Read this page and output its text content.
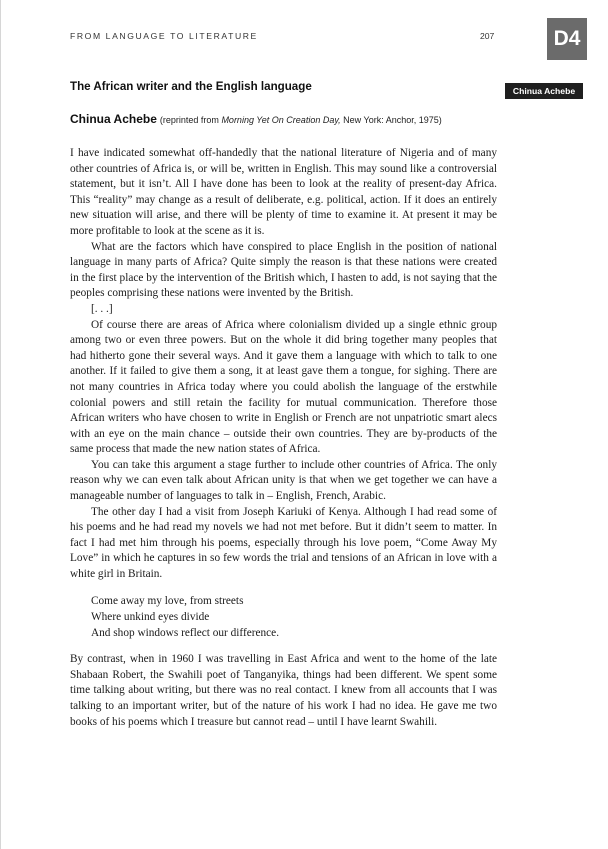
FROM LANGUAGE TO LITERATURE	207	D4
Chinua Achebe
The African writer and the English language
Chinua Achebe (reprinted from Morning Yet On Creation Day, New York: Anchor, 1975)

I have indicated somewhat off-handedly that the national literature of Nigeria and of many other countries of Africa is, or will be, written in English. This may sound like a controversial statement, but it isn’t. All I have done has been to look at the reality of present-day Africa. This “reality” may change as a result of deliberate, e.g. political, action. If it does an entirely new situation will arise, and there will be plenty of time to examine it. At present it may be more profitable to look at the scene as it is.

What are the factors which have conspired to place English in the position of national language in many parts of Africa? Quite simply the reason is that these nations were created in the first place by the intervention of the British which, I hasten to add, is not saying that the peoples comprising these nations were invented by the British.

[. . .]

Of course there are areas of Africa where colonialism divided up a single ethnic group among two or even three powers. But on the whole it did bring together many peoples that had hitherto gone their several ways. And it gave them a language with which to talk to one another. If it failed to give them a song, it at least gave them a tongue, for sighing. There are not many countries in Africa today where you could abolish the language of the erstwhile colonial powers and still retain the facility for mutual communication. Therefore those African writers who have chosen to write in English or French are not unpatriotic smart alecs with an eye on the main chance – outside their own countries. They are by-products of the same process that made the new nation states of Africa.

You can take this argument a stage further to include other countries of Africa. The only reason why we can even talk about African unity is that when we get together we can have a manageable number of languages to talk in – English, French, Arabic.

The other day I had a visit from Joseph Kariuki of Kenya. Although I had read some of his poems and he had read my novels we had not met before. But it didn’t seem to matter. In fact I had met him through his poems, especially through his love poem, “Come Away My Love” in which he captures in so few words the trial and tensions of an African in love with a white girl in Britain.

Come away my love, from streets
Where unkind eyes divide
And shop windows reflect our difference.

By contrast, when in 1960 I was travelling in East Africa and went to the home of the late Shabaan Robert, the Swahili poet of Tanganyika, things had been different. We spent some time talking about writing, but there was no real contact. I knew from all accounts that I was talking to an important writer, but of the nature of his work I had no idea. He gave me two books of his poems which I treasure but cannot read – until I have learnt Swahili.
